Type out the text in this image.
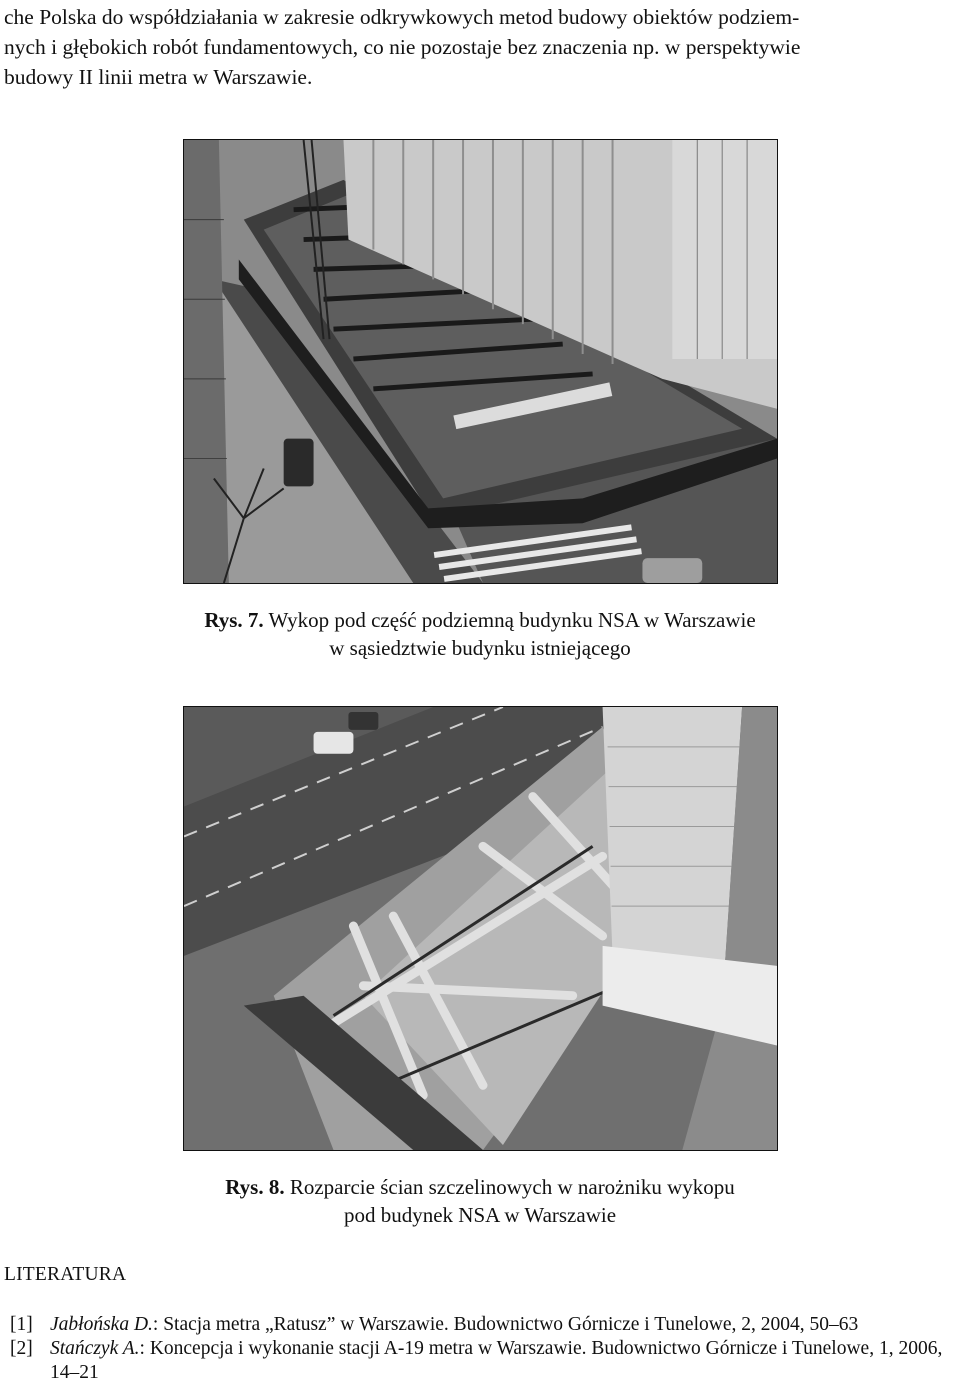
che Polska do współdziałania w zakresie odkrywkowych metod budowy obiektów podziem-
nych i głębokich robót fundamentowych, co nie pozostaje bez znaczenia np. w perspektywie
budowy II linii metra w Warszawie.
Rys. 7. Wykop pod część podziemną budynku NSA w Warszawie
w sąsiedztwie budynku istniejącego
Rys. 8. Rozparcie ścian szczelinowych w narożniku wykopu
pod budynek NSA w Warszawie
LITERATURA
[1] Jabłońska D.: Stacja metra „Ratusz” w Warszawie. Budownictwo Górnicze i Tunelowe, 2, 2004, 50–63
[2] Stańczyk A.: Koncepcja i wykonanie stacji A-19 metra w Warszawie. Budownictwo Górnicze i Tunelowe, 1, 2006, 14–21
